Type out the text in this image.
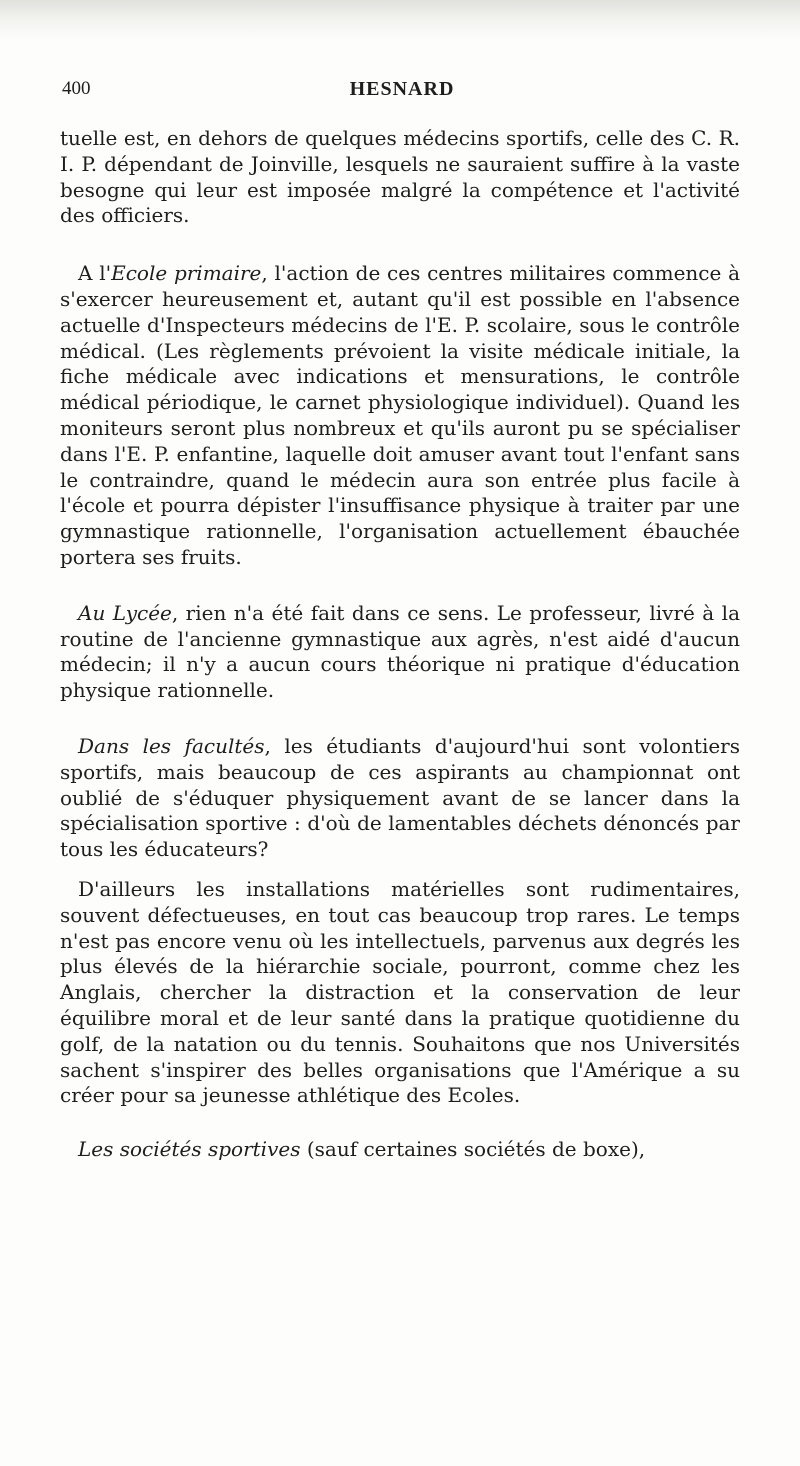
400	HESNARD

tuelle est, en dehors de quelques médecins sportifs, celle des C. R. I. P. dépendant de Joinville, lesquels ne sauraient suffire à la vaste besogne qui leur est imposée malgré la compétence et l'activité des officiers.

A l'Ecole primaire, l'action de ces centres militaires commence à s'exercer heureusement et, autant qu'il est possible en l'absence actuelle d'Inspecteurs médecins de l'E. P. scolaire, sous le contrôle médical. (Les règlements prévoient la visite médicale initiale, la fiche médicale avec indications et mensurations, le contrôle médical périodique, le carnet physiologique individuel). Quand les moniteurs seront plus nombreux et qu'ils auront pu se spécialiser dans l'E. P. enfantine, laquelle doit amuser avant tout l'enfant sans le contraindre, quand le médecin aura son entrée plus facile à l'école et pourra dépister l'insuffisance physique à traiter par une gymnastique rationnelle, l'organisation actuellement ébauchée portera ses fruits.

Au Lycée, rien n'a été fait dans ce sens. Le professeur, livré à la routine de l'ancienne gymnastique aux agrès, n'est aidé d'aucun médecin; il n'y a aucun cours théorique ni pratique d'éducation physique rationnelle.

Dans les facultés, les étudiants d'aujourd'hui sont volontiers sportifs, mais beaucoup de ces aspirants au championnat ont oublié de s'éduquer physiquement avant de se lancer dans la spécialisation sportive : d'où de lamentables déchets dénoncés par tous les éducateurs?

D'ailleurs les installations matérielles sont rudimentaires, souvent défectueuses, en tout cas beaucoup trop rares. Le temps n'est pas encore venu où les intellectuels, parvenus aux degrés les plus élevés de la hiérarchie sociale, pourront, comme chez les Anglais, chercher la distraction et la conservation de leur équilibre moral et de leur santé dans la pratique quotidienne du golf, de la natation ou du tennis. Souhaitons que nos Universités sachent s'inspirer des belles organisations que l'Amérique a su créer pour sa jeunesse athlétique des Ecoles.

Les sociétés sportives (sauf certaines sociétés de boxe),
